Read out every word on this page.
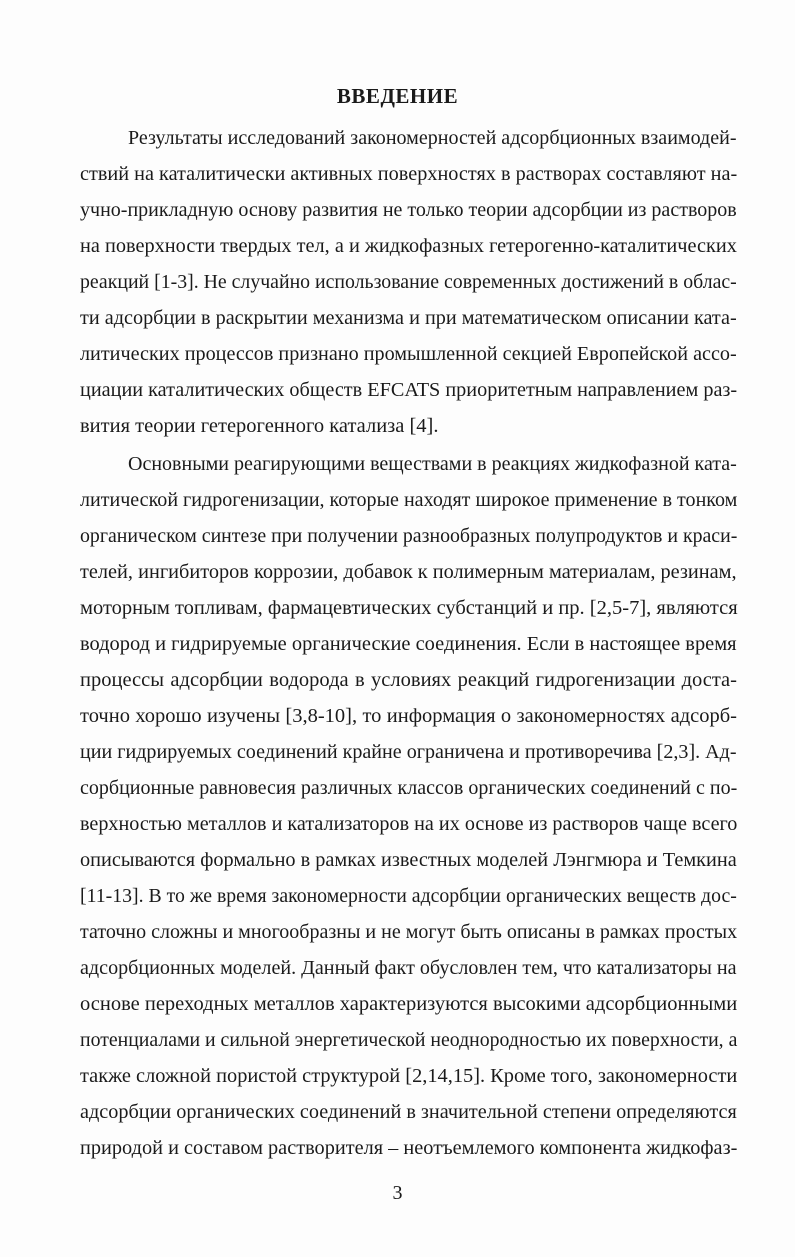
ВВЕДЕНИЕ
Результаты исследований закономерностей адсорбционных взаимодей-
ствий на каталитически активных поверхностях в растворах составляют на-
учно-прикладную основу развития не только теории адсорбции из растворов
на поверхности твердых тел, а и жидкофазных гетерогенно-каталитических
реакций [1-3]. Не случайно использование современных достижений в облас-
ти адсорбции в раскрытии механизма и при математическом описании ката-
литических процессов признано промышленной секцией Европейской ассо-
циации каталитических обществ EFCATS приоритетным направлением раз-
вития теории гетерогенного катализа [4].
Основными реагирующими веществами в реакциях жидкофазной ката-
литической гидрогенизации, которые находят широкое применение в тонком
органическом синтезе при получении разнообразных полупродуктов и краси-
телей, ингибиторов коррозии, добавок к полимерным материалам, резинам,
моторным топливам, фармацевтических субстанций и пр. [2,5-7], являются
водород и гидрируемые органические соединения. Если в настоящее время
процессы адсорбции водорода в условиях реакций гидрогенизации доста-
точно хорошо изучены [3,8-10], то информация о закономерностях адсорб-
ции гидрируемых соединений крайне ограничена и противоречива [2,3]. Ад-
сорбционные равновесия различных классов органических соединений с по-
верхностью металлов и катализаторов на их основе из растворов чаще всего
описываются формально в рамках известных моделей Лэнгмюра и Темкина
[11-13]. В то же время закономерности адсорбции органических веществ дос-
таточно сложны и многообразны и не могут быть описаны в рамках простых
адсорбционных моделей. Данный факт обусловлен тем, что катализаторы на
основе переходных металлов характеризуются высокими адсорбционными
потенциалами и сильной энергетической неоднородностью их поверхности, а
также сложной пористой структурой [2,14,15]. Кроме того, закономерности
адсорбции органических соединений в значительной степени определяются
природой и составом растворителя – неотъемлемого компонента жидкофаз-
3
